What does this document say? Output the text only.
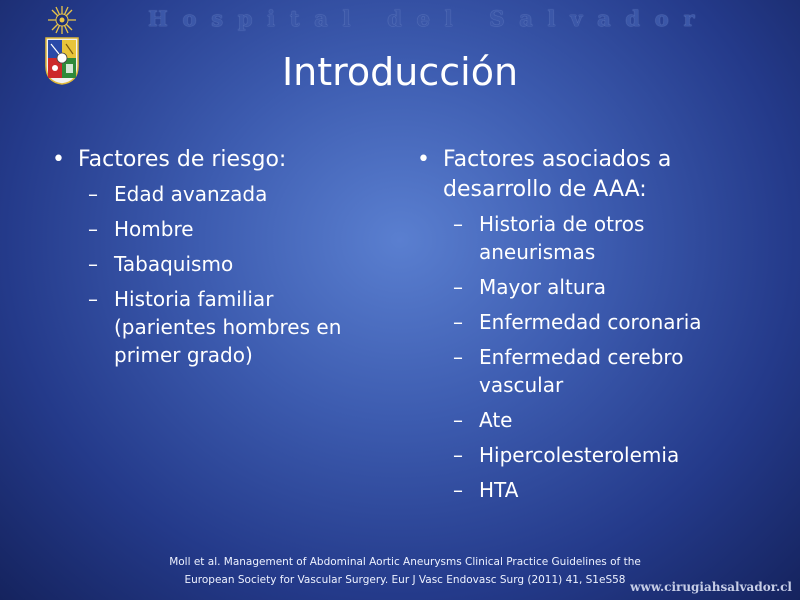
Hospital del Salvador
Introducción
• Factores de riesgo:
– Edad avanzada
– Hombre
– Tabaquismo
– Historia familiar (parientes hombres en primer grado)
• Factores asociados a desarrollo de AAA:
– Historia de otros aneurismas
– Mayor altura
– Enfermedad coronaria
– Enfermedad cerebro vascular
– Ate
– Hipercolesterolemia
– HTA
Moll et al. Management of Abdominal Aortic Aneurysms Clinical Practice Guidelines of the
European Society for Vascular Surgery. Eur J Vasc Endovasc Surg (2011) 41, S1eS58 www.cirugiahsalvador.cl
